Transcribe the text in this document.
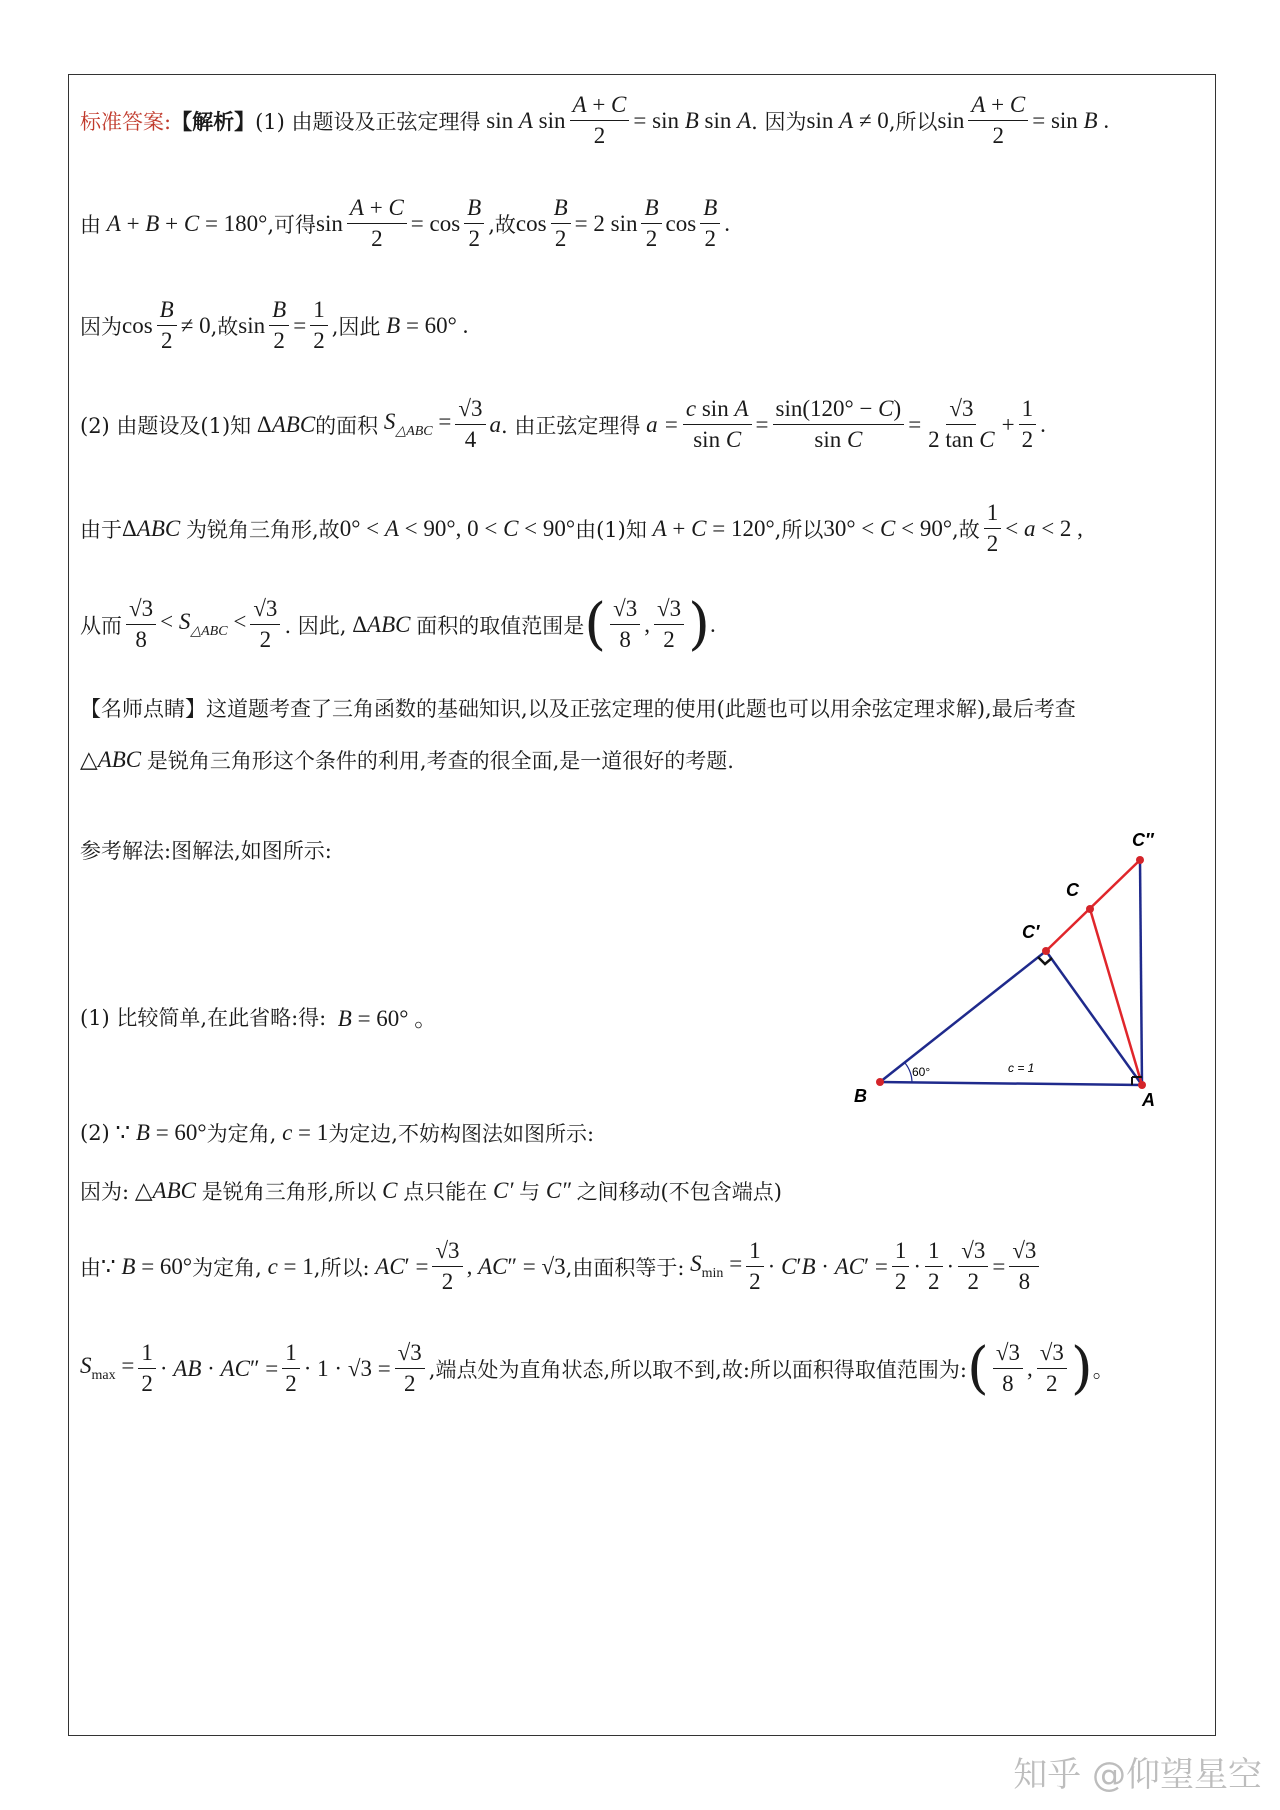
标准答案: 【解析】 (1) 由题设及正弦定理得 sin A $\sin \frac{A + C}{2} = \sin B$ sin A . 因为 sin A ≠ 0 ,所以 $\sin \frac{A + C}{2} = \sin B$ .
由 A + B + C = 180° ,可得 $\sin \frac{A + C}{2} = \cos \frac{B}{2}$ ,故 $\cos \frac{B}{2} = 2$ $\sin \frac{B}{2}$ $\cos \frac{B}{2}$ .
因为 $\cos \frac{B}{2} \ne 0$ ,故 $\sin \frac{B}{2} = \frac{1}{2}$ ,因此 B = 60° .
(2) 由题设及(1)知 ΔABC 的面积 $S_{\triangle ABC} = \frac{√3}{4}$ a . 由正弦定理得 $a = \frac{\text{c sin A}}{\text{sin C}} = \frac{\sin(120^\circ - C)}{\text{sin C}} = \frac{√3}{\text{2 tan C}} + \frac{1}{2}$ .
由于 ΔABC 为锐角三角形,故 0° < A < 90°, 0 < C < 90° 由(1)知 A + C = 120° ,所以 30° < C < 90° ,故 $\frac{1}{2} < a < 2$ ,
从而 $\frac{√3}{8} < S_{\triangle ABC} < \frac{√3}{2}$ . 因此, ΔABC 面积的取值范围是 ( $\frac{√3}{8}$ , $\frac{√3}{2}$ ) .
【名师点睛】这道题考查了三角函数的基础知识,以及正弦定理的使用(此题也可以用余弦定理求解),最后考查
△ABC 是锐角三角形这个条件的利用,考查的很全面,是一道很好的考题.
参考解法:图解法,如图所示:
(1) 比较简单,在此省略:得: B = 60° 。
B	A
C
C′
C″
60°	c = 1
(2) ∵ B = 60° 为定角, c = 1 为定边,不妨构图法如图所示:
因为: △ABC 是锐角三角形,所以 C 点只能在 C′ 与 C″ 之间移动(不包含端点)
由 ∵ B = 60° 为定角, c = 1 ,所以: $AC' = \frac{√3}{2}$ , AC″ = √3 ,由面积等于: $S_{min} = \frac{1}{2} \cdot C'B \cdot AC' = \frac{1}{2} \cdot \frac{1}{2} \cdot \frac{√3}{2} = \frac{√3}{8}$
$S_{max} = \frac{1}{2}$ · AB · $AC'' = \frac{1}{2} \cdot 1 \cdot √3 = \frac{√3}{2}$ ,端点处为直角状态,所以取不到,故:所以面积得取值范围为: ( $\frac{√3}{8}$ , $\frac{√3}{2}$ ) 。
知乎 @仰望星空
